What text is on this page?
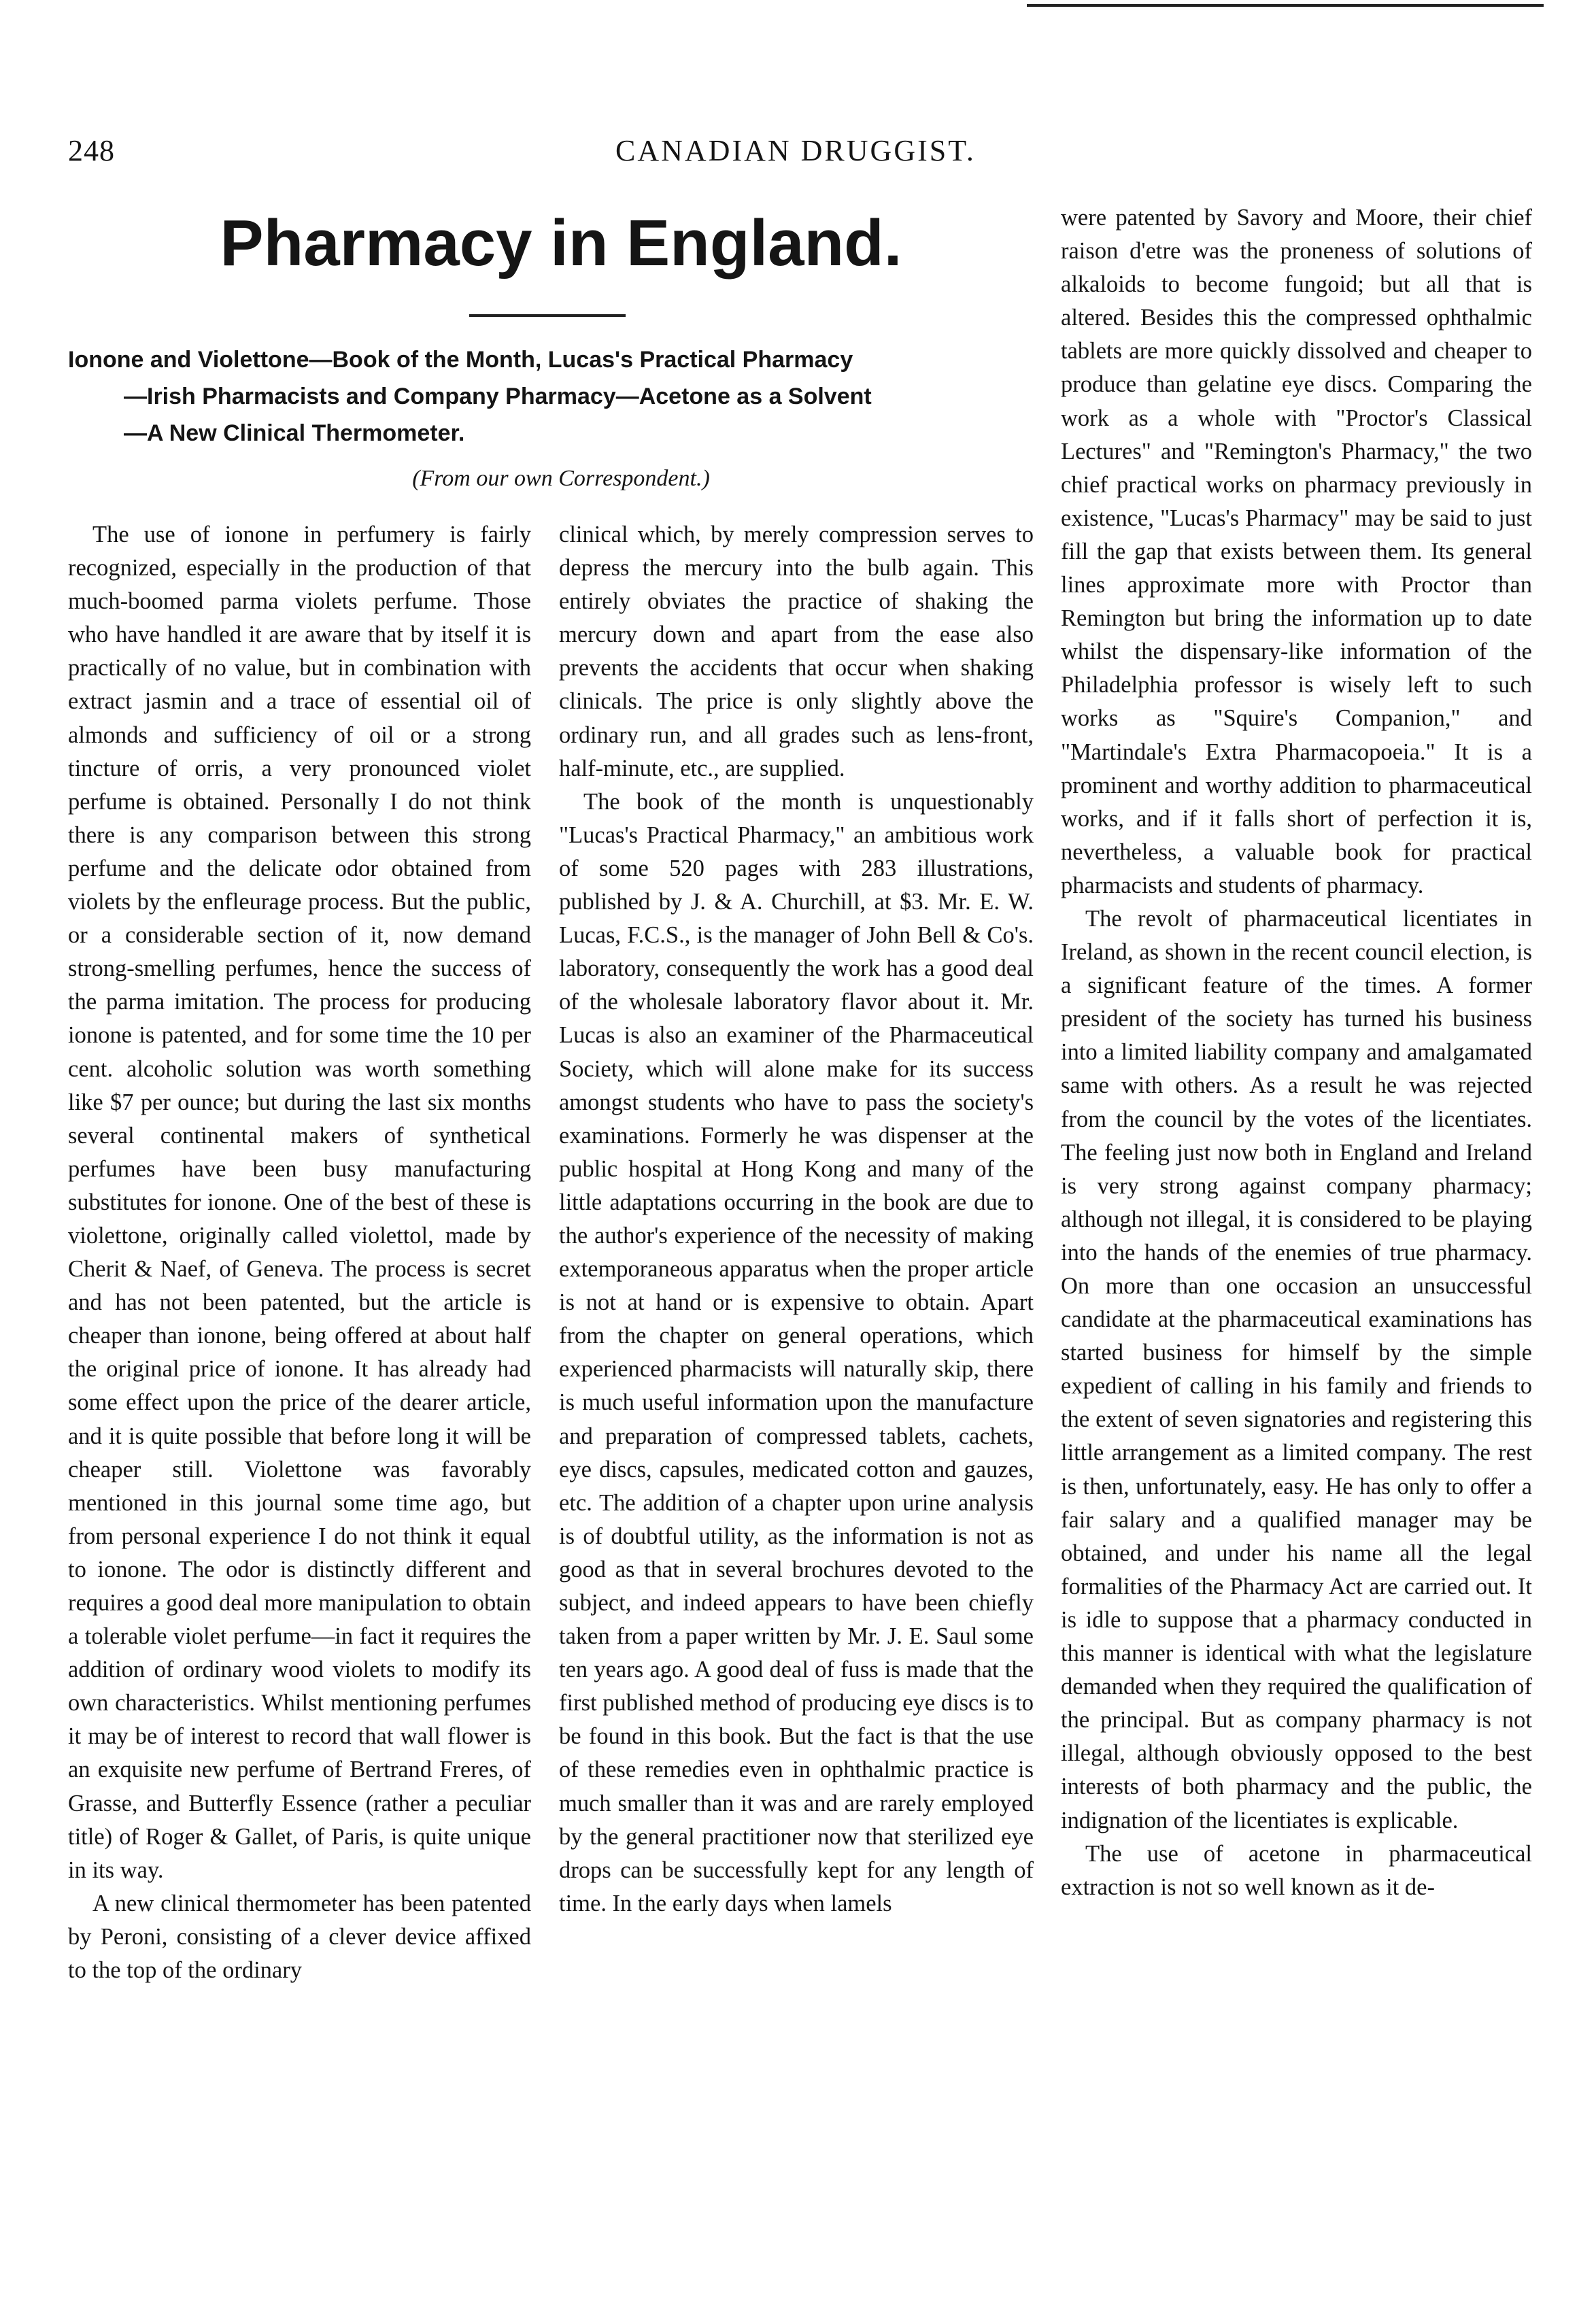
248	CANADIAN DRUGGIST.
Pharmacy in England.
Ionone and Violettone—Book of the Month, Lucas's Practical Pharmacy
—Irish Pharmacists and Company Pharmacy—Acetone as a Solvent
—A New Clinical Thermometer.
(From our own Correspondent.)

The use of ionone in perfumery is fairly recognized, especially in the production of that much-boomed parma violets perfume. Those who have handled it are aware that by itself it is practically of no value, but in combination with extract jasmin and a trace of essential oil of almonds and sufficiency of oil or a strong tincture of orris, a very pronounced violet perfume is obtained. Personally I do not think there is any comparison between this strong perfume and the delicate odor obtained from violets by the enfleurage process. But the public, or a considerable section of it, now demand strong-smelling perfumes, hence the success of the parma imitation. The process for producing ionone is patented, and for some time the 10 per cent. alcoholic solution was worth something like $7 per ounce; but during the last six months several continental makers of synthetical perfumes have been busy manufacturing substitutes for ionone. One of the best of these is violettone, originally called violettol, made by Cherit & Naef, of Geneva. The process is secret and has not been patented, but the article is cheaper than ionone, being offered at about half the original price of ionone. It has already had some effect upon the price of the dearer article, and it is quite possible that before long it will be cheaper still. Violettone was favorably mentioned in this journal some time ago, but from personal experience I do not think it equal to ionone. The odor is distinctly different and requires a good deal more manipulation to obtain a tolerable violet perfume—in fact it requires the addition of ordinary wood violets to modify its own characteristics. Whilst mentioning perfumes it may be of interest to record that wall flower is an exquisite new perfume of Bertrand Freres, of Grasse, and Butterfly Essence (rather a peculiar title) of Roger & Gallet, of Paris, is quite unique in its way.

A new clinical thermometer has been patented by Peroni, consisting of a clever device affixed to the top of the ordinary

clinical which, by merely compression serves to depress the mercury into the bulb again. This entirely obviates the practice of shaking the mercury down and apart from the ease also prevents the accidents that occur when shaking clinicals. The price is only slightly above the ordinary run, and all grades such as lens-front, half-minute, etc., are supplied.

The book of the month is unquestionably "Lucas's Practical Pharmacy," an ambitious work of some 520 pages with 283 illustrations, published by J. & A. Churchill, at $3. Mr. E. W. Lucas, F.C.S., is the manager of John Bell & Co's. laboratory, consequently the work has a good deal of the wholesale laboratory flavor about it. Mr. Lucas is also an examiner of the Pharmaceutical Society, which will alone make for its success amongst students who have to pass the society's examinations. Formerly he was dispenser at the public hospital at Hong Kong and many of the little adaptations occurring in the book are due to the author's experience of the necessity of making extemporaneous apparatus when the proper article is not at hand or is expensive to obtain. Apart from the chapter on general operations, which experienced pharmacists will naturally skip, there is much useful information upon the manufacture and preparation of compressed tablets, cachets, eye discs, capsules, medicated cotton and gauzes, etc. The addition of a chapter upon urine analysis is of doubtful utility, as the information is not as good as that in several brochures devoted to the subject, and indeed appears to have been chiefly taken from a paper written by Mr. J. E. Saul some ten years ago. A good deal of fuss is made that the first published method of producing eye discs is to be found in this book. But the fact is that the use of these remedies even in ophthalmic practice is much smaller than it was and are rarely employed by the general practitioner now that sterilized eye drops can be successfully kept for any length of time. In the early days when lamels

were patented by Savory and Moore, their chief raison d'etre was the proneness of solutions of alkaloids to become fungoid; but all that is altered. Besides this the compressed ophthalmic tablets are more quickly dissolved and cheaper to produce than gelatine eye discs. Comparing the work as a whole with "Proctor's Classical Lectures" and "Remington's Pharmacy," the two chief practical works on pharmacy previously in existence, "Lucas's Pharmacy" may be said to just fill the gap that exists between them. Its general lines approximate more with Proctor than Remington but bring the information up to date whilst the dispensary-like information of the Philadelphia professor is wisely left to such works as "Squire's Companion," and "Martindale's Extra Pharmacopoeia." It is a prominent and worthy addition to pharmaceutical works, and if it falls short of perfection it is, nevertheless, a valuable book for practical pharmacists and students of pharmacy.

The revolt of pharmaceutical licentiates in Ireland, as shown in the recent council election, is a significant feature of the times. A former president of the society has turned his business into a limited liability company and amalgamated same with others. As a result he was rejected from the council by the votes of the licentiates. The feeling just now both in England and Ireland is very strong against company pharmacy; although not illegal, it is considered to be playing into the hands of the enemies of true pharmacy. On more than one occasion an unsuccessful candidate at the pharmaceutical examinations has started business for himself by the simple expedient of calling in his family and friends to the extent of seven signatories and registering this little arrangement as a limited company. The rest is then, unfortunately, easy. He has only to offer a fair salary and a qualified manager may be obtained, and under his name all the legal formalities of the Pharmacy Act are carried out. It is idle to suppose that a pharmacy conducted in this manner is identical with what the legislature demanded when they required the qualification of the principal. But as company pharmacy is not illegal, although obviously opposed to the best interests of both pharmacy and the public, the indignation of the licentiates is explicable.

The use of acetone in pharmaceutical extraction is not so well known as it de-
